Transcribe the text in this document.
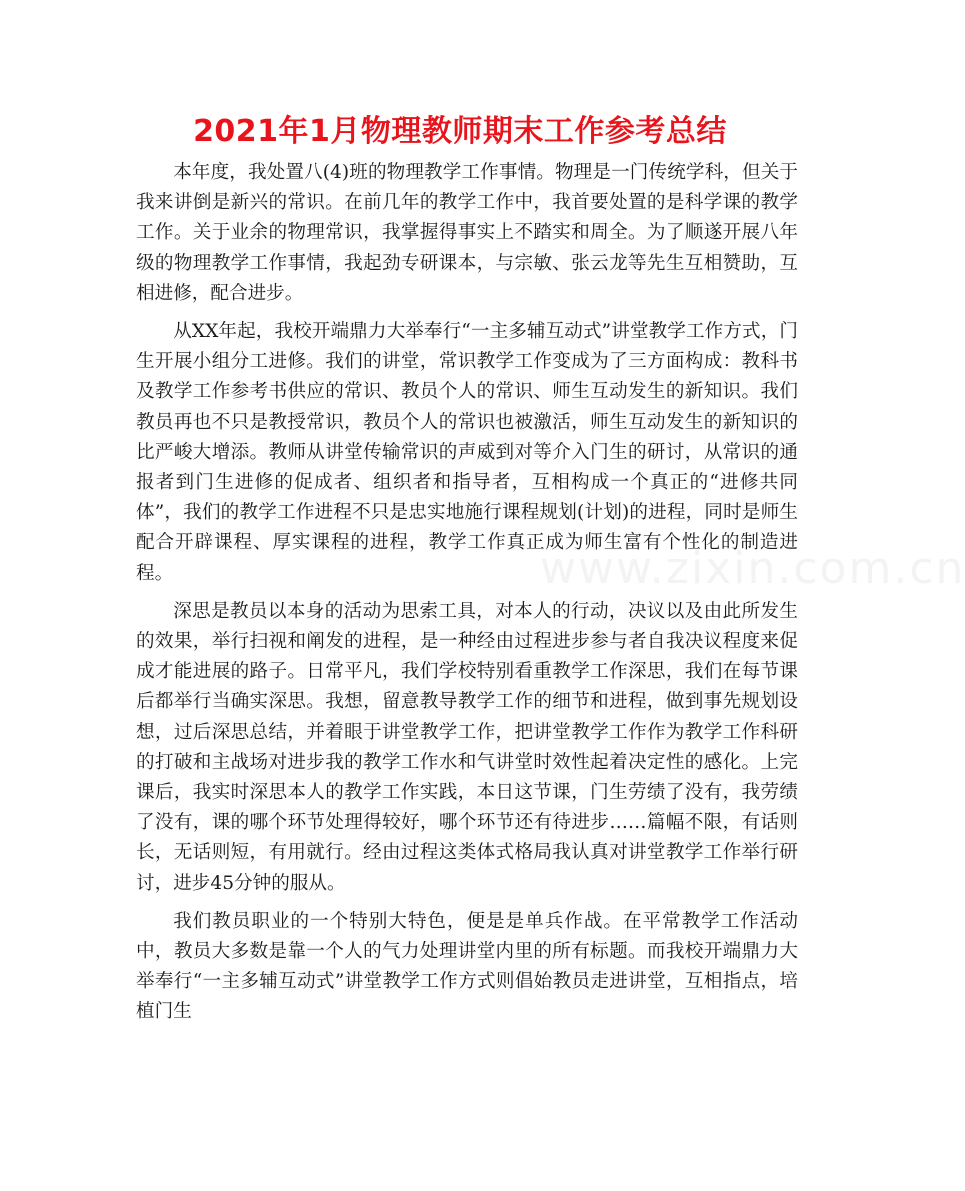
2021年1月物理教师期末工作参考总结
www.zixin.com.cn

本年度，我处置八(4)班的物理教学工作事情。物理是一门传统学科，但关于我来讲倒是新兴的常识。在前几年的教学工作中，我首要处置的是科学课的教学工作。关于业余的物理常识，我掌握得事实上不踏实和周全。为了顺遂开展八年级的物理教学工作事情，我起劲专研课本，与宗敏、张云龙等先生互相赞助，互相进修，配合进步。

从XX年起，我校开端鼎力大举奉行“一主多辅互动式”讲堂教学工作方式，门生开展小组分工进修。我们的讲堂，常识教学工作变成为了三方面构成：教科书及教学工作参考书供应的常识、教员个人的常识、师生互动发生的新知识。我们教员再也不只是教授常识，教员个人的常识也被激活，师生互动发生的新知识的比严峻大增添。教师从讲堂传输常识的声威到对等介入门生的研讨，从常识的通报者到门生进修的促成者、组织者和指导者，互相构成一个真正的“进修共同体”，我们的教学工作进程不只是忠实地施行课程规划(计划)的进程，同时是师生配合开辟课程、厚实课程的进程，教学工作真正成为师生富有个性化的制造进程。

深思是教员以本身的活动为思索工具，对本人的行动，决议以及由此所发生的效果，举行扫视和阐发的进程，是一种经由过程进步参与者自我决议程度来促成才能进展的路子。日常平凡，我们学校特别看重教学工作深思，我们在每节课后都举行当确实深思。我想，留意教导教学工作的细节和进程，做到事先规划设想，过后深思总结，并着眼于讲堂教学工作，把讲堂教学工作作为教学工作科研的打破和主战场对进步我的教学工作水和气讲堂时效性起着决定性的感化。上完课后，我实时深思本人的教学工作实践，本日这节课，门生劳绩了没有，我劳绩了没有，课的哪个环节处理得较好，哪个环节还有待进步……篇幅不限，有话则长，无话则短，有用就行。经由过程这类体式格局我认真对讲堂教学工作举行研讨，进步45分钟的服从。

我们教员职业的一个特别大特色，便是是单兵作战。在平常教学工作活动中，教员大多数是靠一个人的气力处理讲堂内里的所有标题。而我校开端鼎力大举奉行“一主多辅互动式”讲堂教学工作方式则倡始教员走进讲堂，互相指点，培植门生
